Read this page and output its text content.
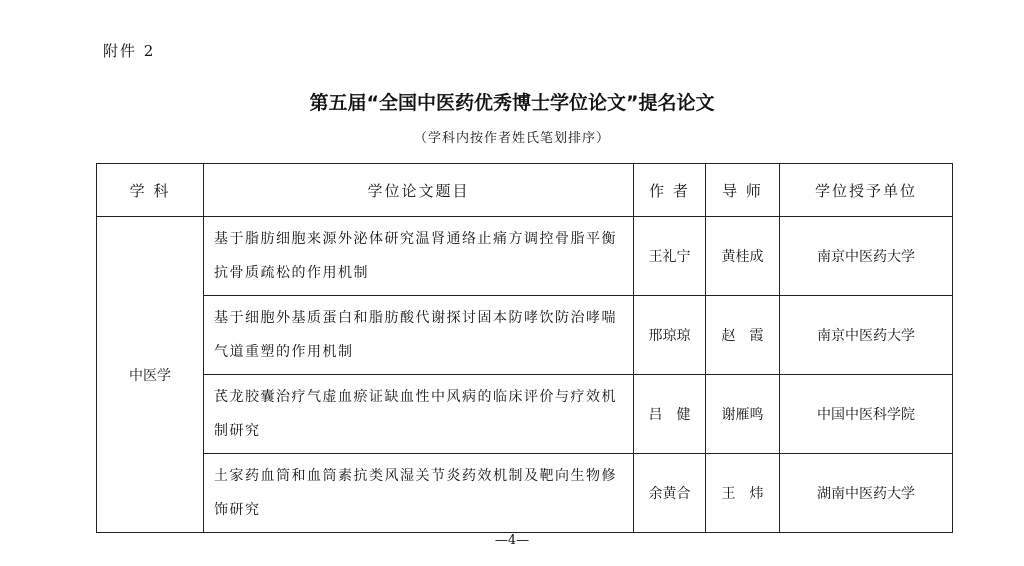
附件 2
第五届“全国中医药优秀博士学位论文”提名论文
（学科内按作者姓氏笔划排序）
学 科	学位论文题目	作 者	导 师	学位授予单位
中医学	基于脂肪细胞来源外泌体研究温肾通络止痛方调控骨脂平衡抗骨质疏松的作用机制	王礼宁	黄桂成	南京中医药大学
	基于细胞外基质蛋白和脂肪酸代谢探讨固本防哮饮防治哮喘气道重塑的作用机制	邢琼琼	赵　霞	南京中医药大学
	芪龙胶囊治疗气虚血瘀证缺血性中风病的临床评价与疗效机制研究	吕　健	谢雁鸣	中国中医科学院
	土家药血筒和血筒素抗类风湿关节炎药效机制及靶向生物修饰研究	余黄合	王　炜	湖南中医药大学
—4—
